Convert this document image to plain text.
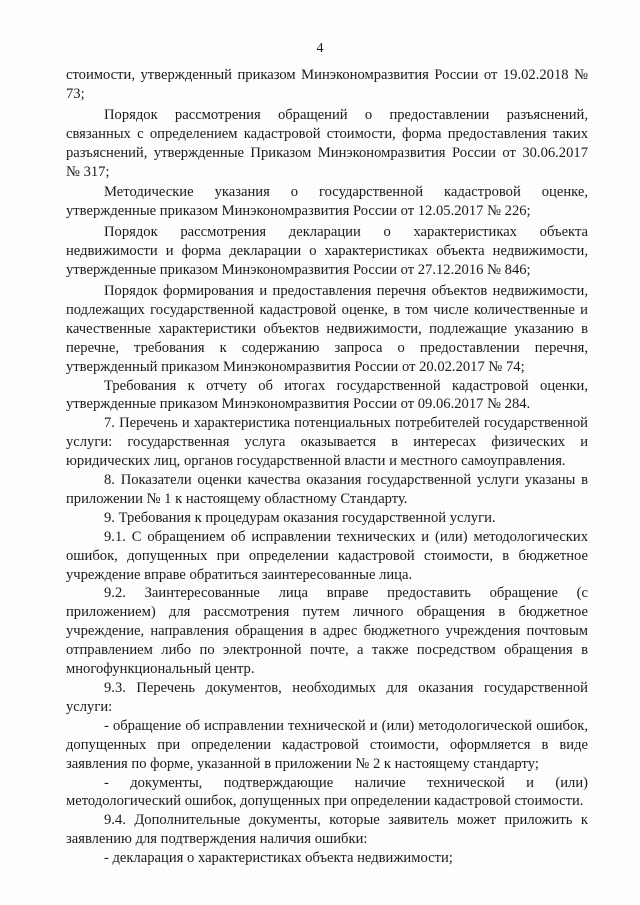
4

стоимости, утвержденный приказом Минэкономразвития России от 19.02.2018 № 73;

Порядок рассмотрения обращений о предоставлении разъяснений, связанных с определением кадастровой стоимости, форма предоставления таких разъяснений, утвержденные Приказом Минэкономразвития России от 30.06.2017 № 317;

Методические указания о государственной кадастровой оценке, утвержденные приказом Минэкономразвития России от 12.05.2017 № 226;

Порядок рассмотрения декларации о характеристиках объекта недвижимости и форма декларации о характеристиках объекта недвижимости, утвержденные приказом Минэкономразвития России от 27.12.2016 № 846;

Порядок формирования и предоставления перечня объектов недвижимости, подлежащих государственной кадастровой оценке, в том числе количественные и качественные характеристики объектов недвижимости, подлежащие указанию в перечне, требования к содержанию запроса о предоставлении перечня, утвержденный приказом Минэкономразвития России от 20.02.2017 № 74;

Требования к отчету об итогах государственной кадастровой оценки, утвержденные приказом Минэкономразвития России от 09.06.2017 № 284.

7. Перечень и характеристика потенциальных потребителей государственной услуги: государственная услуга оказывается в интересах физических и юридических лиц, органов государственной власти и местного самоуправления.

8. Показатели оценки качества оказания государственной услуги указаны в приложении № 1 к настоящему областному Стандарту.

9. Требования к процедурам оказания государственной услуги.

9.1. С обращением об исправлении технических и (или) методологических ошибок, допущенных при определении кадастровой стоимости, в бюджетное учреждение вправе обратиться заинтересованные лица.

9.2. Заинтересованные лица вправе предоставить обращение (с приложением) для рассмотрения путем личного обращения в бюджетное учреждение, направления обращения в адрес бюджетного учреждения почтовым отправлением либо по электронной почте, а также посредством обращения в многофункциональный центр.

9.3. Перечень документов, необходимых для оказания государственной услуги:

- обращение об исправлении технической и (или) методологической ошибок, допущенных при определении кадастровой стоимости, оформляется в виде заявления по форме, указанной в приложении № 2 к настоящему стандарту;

- документы, подтверждающие наличие технической и (или) методологический ошибок, допущенных при определении кадастровой стоимости.

9.4. Дополнительные документы, которые заявитель может приложить к заявлению для подтверждения наличия ошибки:

- декларация о характеристиках объекта недвижимости;
